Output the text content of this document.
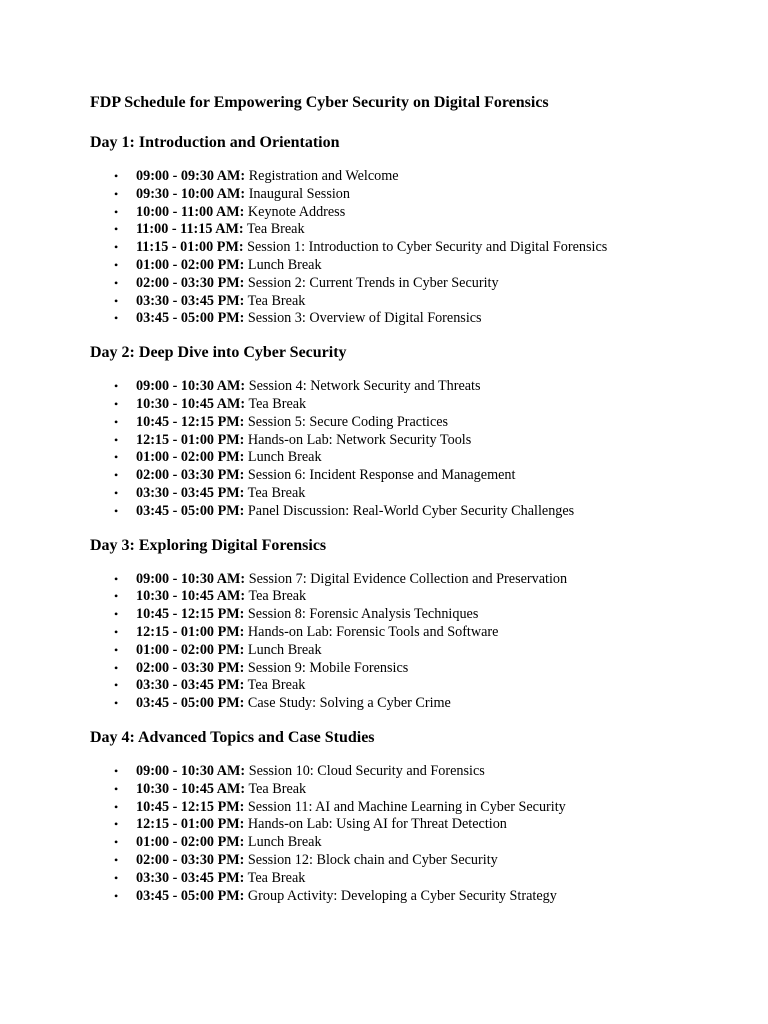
FDP Schedule for Empowering Cyber Security on Digital Forensics
Day 1: Introduction and Orientation
• 09:00 - 09:30 AM: Registration and Welcome
• 09:30 - 10:00 AM: Inaugural Session
• 10:00 - 11:00 AM: Keynote Address
• 11:00 - 11:15 AM: Tea Break
• 11:15 - 01:00 PM: Session 1: Introduction to Cyber Security and Digital Forensics
• 01:00 - 02:00 PM: Lunch Break
• 02:00 - 03:30 PM: Session 2: Current Trends in Cyber Security
• 03:30 - 03:45 PM: Tea Break
• 03:45 - 05:00 PM: Session 3: Overview of Digital Forensics
Day 2: Deep Dive into Cyber Security
• 09:00 - 10:30 AM: Session 4: Network Security and Threats
• 10:30 - 10:45 AM: Tea Break
• 10:45 - 12:15 PM: Session 5: Secure Coding Practices
• 12:15 - 01:00 PM: Hands-on Lab: Network Security Tools
• 01:00 - 02:00 PM: Lunch Break
• 02:00 - 03:30 PM: Session 6: Incident Response and Management
• 03:30 - 03:45 PM: Tea Break
• 03:45 - 05:00 PM: Panel Discussion: Real-World Cyber Security Challenges
Day 3: Exploring Digital Forensics
• 09:00 - 10:30 AM: Session 7: Digital Evidence Collection and Preservation
• 10:30 - 10:45 AM: Tea Break
• 10:45 - 12:15 PM: Session 8: Forensic Analysis Techniques
• 12:15 - 01:00 PM: Hands-on Lab: Forensic Tools and Software
• 01:00 - 02:00 PM: Lunch Break
• 02:00 - 03:30 PM: Session 9: Mobile Forensics
• 03:30 - 03:45 PM: Tea Break
• 03:45 - 05:00 PM: Case Study: Solving a Cyber Crime
Day 4: Advanced Topics and Case Studies
• 09:00 - 10:30 AM: Session 10: Cloud Security and Forensics
• 10:30 - 10:45 AM: Tea Break
• 10:45 - 12:15 PM: Session 11: AI and Machine Learning in Cyber Security
• 12:15 - 01:00 PM: Hands-on Lab: Using AI for Threat Detection
• 01:00 - 02:00 PM: Lunch Break
• 02:00 - 03:30 PM: Session 12: Block chain and Cyber Security
• 03:30 - 03:45 PM: Tea Break
• 03:45 - 05:00 PM: Group Activity: Developing a Cyber Security Strategy
